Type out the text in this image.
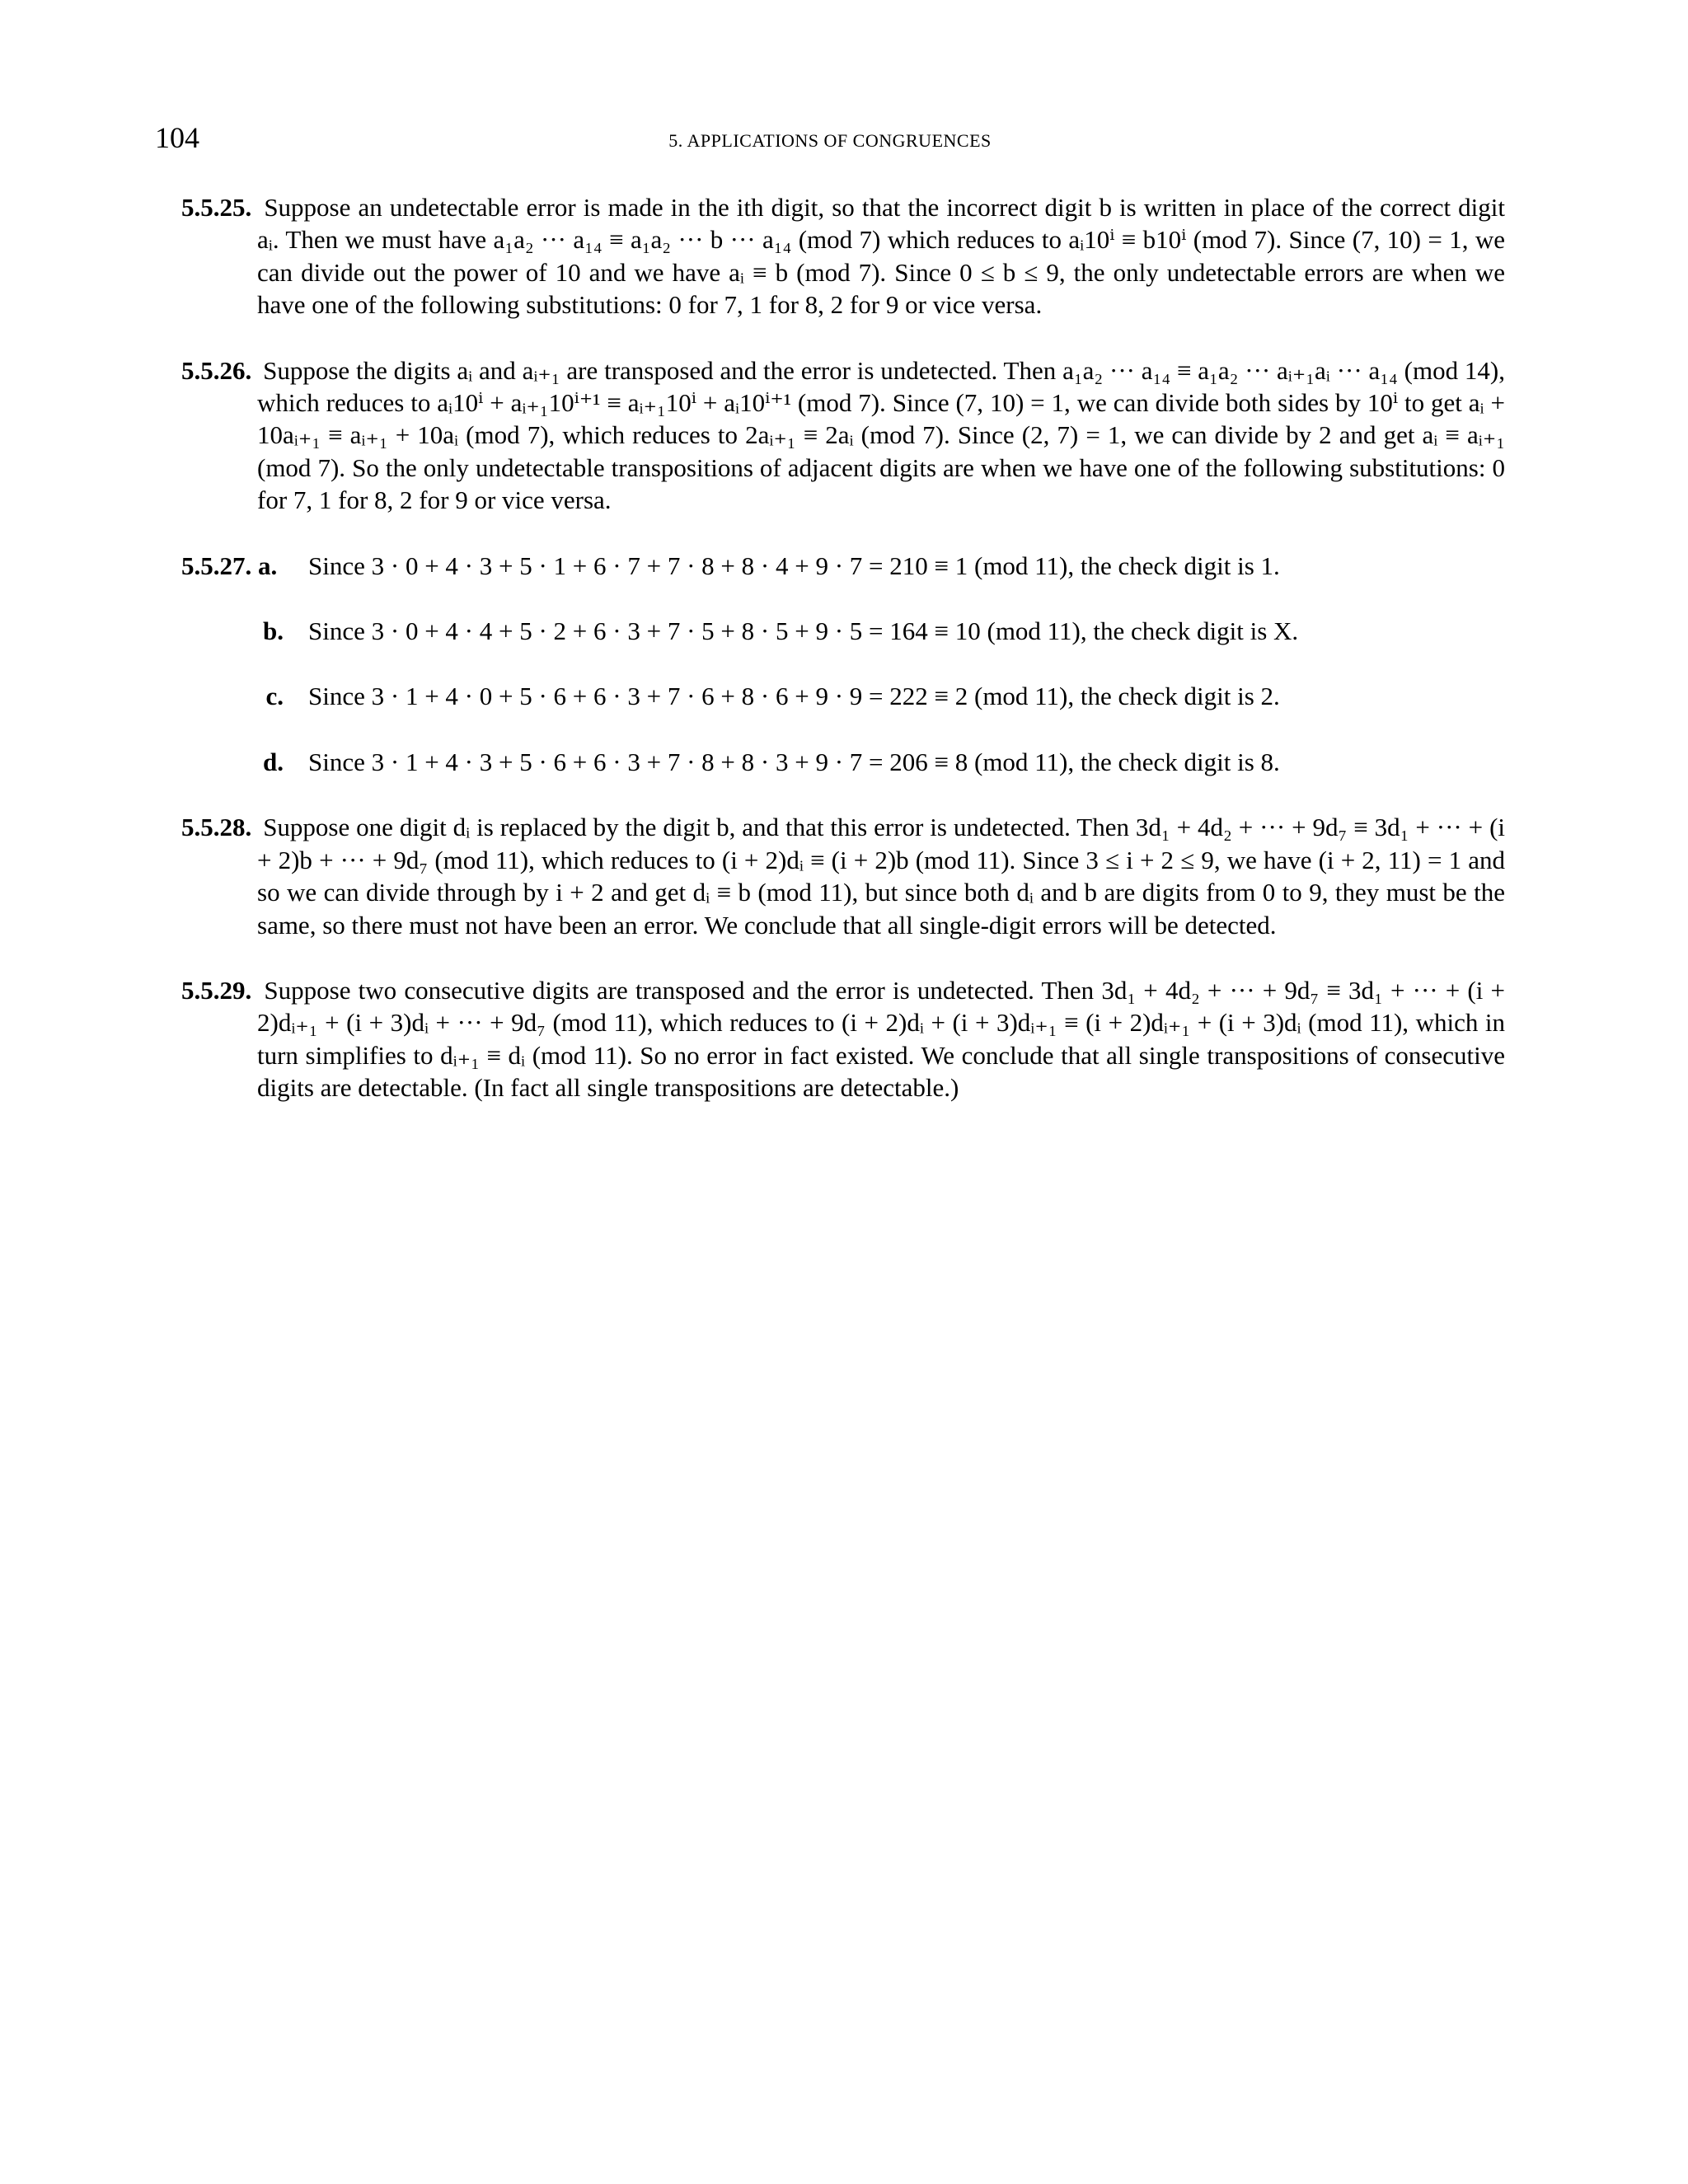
104	5. APPLICATIONS OF CONGRUENCES

5.5.25. Suppose an undetectable error is made in the ith digit, so that the incorrect digit b is written in place of the correct digit aᵢ. Then we must have a₁a₂ ··· a₁₄ ≡ a₁a₂ ··· b ··· a₁₄ (mod 7) which reduces to aᵢ10ⁱ ≡ b10ⁱ (mod 7). Since (7, 10) = 1, we can divide out the power of 10 and we have aᵢ ≡ b (mod 7). Since 0 ≤ b ≤ 9, the only undetectable errors are when we have one of the following substitutions: 0 for 7, 1 for 8, 2 for 9 or vice versa.

5.5.26. Suppose the digits aᵢ and aᵢ₊₁ are transposed and the error is undetected. Then a₁a₂ ··· a₁₄ ≡ a₁a₂ ··· aᵢ₊₁aᵢ ··· a₁₄ (mod 14), which reduces to aᵢ10ⁱ + aᵢ₊₁10ⁱ⁺¹ ≡ aᵢ₊₁10ⁱ + aᵢ10ⁱ⁺¹ (mod 7). Since (7, 10) = 1, we can divide both sides by 10ⁱ to get aᵢ + 10aᵢ₊₁ ≡ aᵢ₊₁ + 10aᵢ (mod 7), which reduces to 2aᵢ₊₁ ≡ 2aᵢ (mod 7). Since (2, 7) = 1, we can divide by 2 and get aᵢ ≡ aᵢ₊₁ (mod 7). So the only undetectable transpositions of adjacent digits are when we have one of the following substitutions: 0 for 7, 1 for 8, 2 for 9 or vice versa.

5.5.27. a. Since 3 · 0 + 4 · 3 + 5 · 1 + 6 · 7 + 7 · 8 + 8 · 4 + 9 · 7 = 210 ≡ 1 (mod 11), the check digit is 1.
b. Since 3 · 0 + 4 · 4 + 5 · 2 + 6 · 3 + 7 · 5 + 8 · 5 + 9 · 5 = 164 ≡ 10 (mod 11), the check digit is X.
c. Since 3 · 1 + 4 · 0 + 5 · 6 + 6 · 3 + 7 · 6 + 8 · 6 + 9 · 9 = 222 ≡ 2 (mod 11), the check digit is 2.
d. Since 3 · 1 + 4 · 3 + 5 · 6 + 6 · 3 + 7 · 8 + 8 · 3 + 9 · 7 = 206 ≡ 8 (mod 11), the check digit is 8.

5.5.28. Suppose one digit dᵢ is replaced by the digit b, and that this error is undetected. Then 3d₁ + 4d₂ + ··· + 9d₇ ≡ 3d₁ + ··· + (i + 2)b + ··· + 9d₇ (mod 11), which reduces to (i + 2)dᵢ ≡ (i + 2)b (mod 11). Since 3 ≤ i + 2 ≤ 9, we have (i + 2, 11) = 1 and so we can divide through by i + 2 and get dᵢ ≡ b (mod 11), but since both dᵢ and b are digits from 0 to 9, they must be the same, so there must not have been an error. We conclude that all single-digit errors will be detected.

5.5.29. Suppose two consecutive digits are transposed and the error is undetected. Then 3d₁ + 4d₂ + ··· + 9d₇ ≡ 3d₁ + ··· + (i + 2)dᵢ₊₁ + (i + 3)dᵢ + ··· + 9d₇ (mod 11), which reduces to (i + 2)dᵢ + (i + 3)dᵢ₊₁ ≡ (i + 2)dᵢ₊₁ + (i + 3)dᵢ (mod 11), which in turn simplifies to dᵢ₊₁ ≡ dᵢ (mod 11). So no error in fact existed. We conclude that all single transpositions of consecutive digits are detectable. (In fact all single transpositions are detectable.)
